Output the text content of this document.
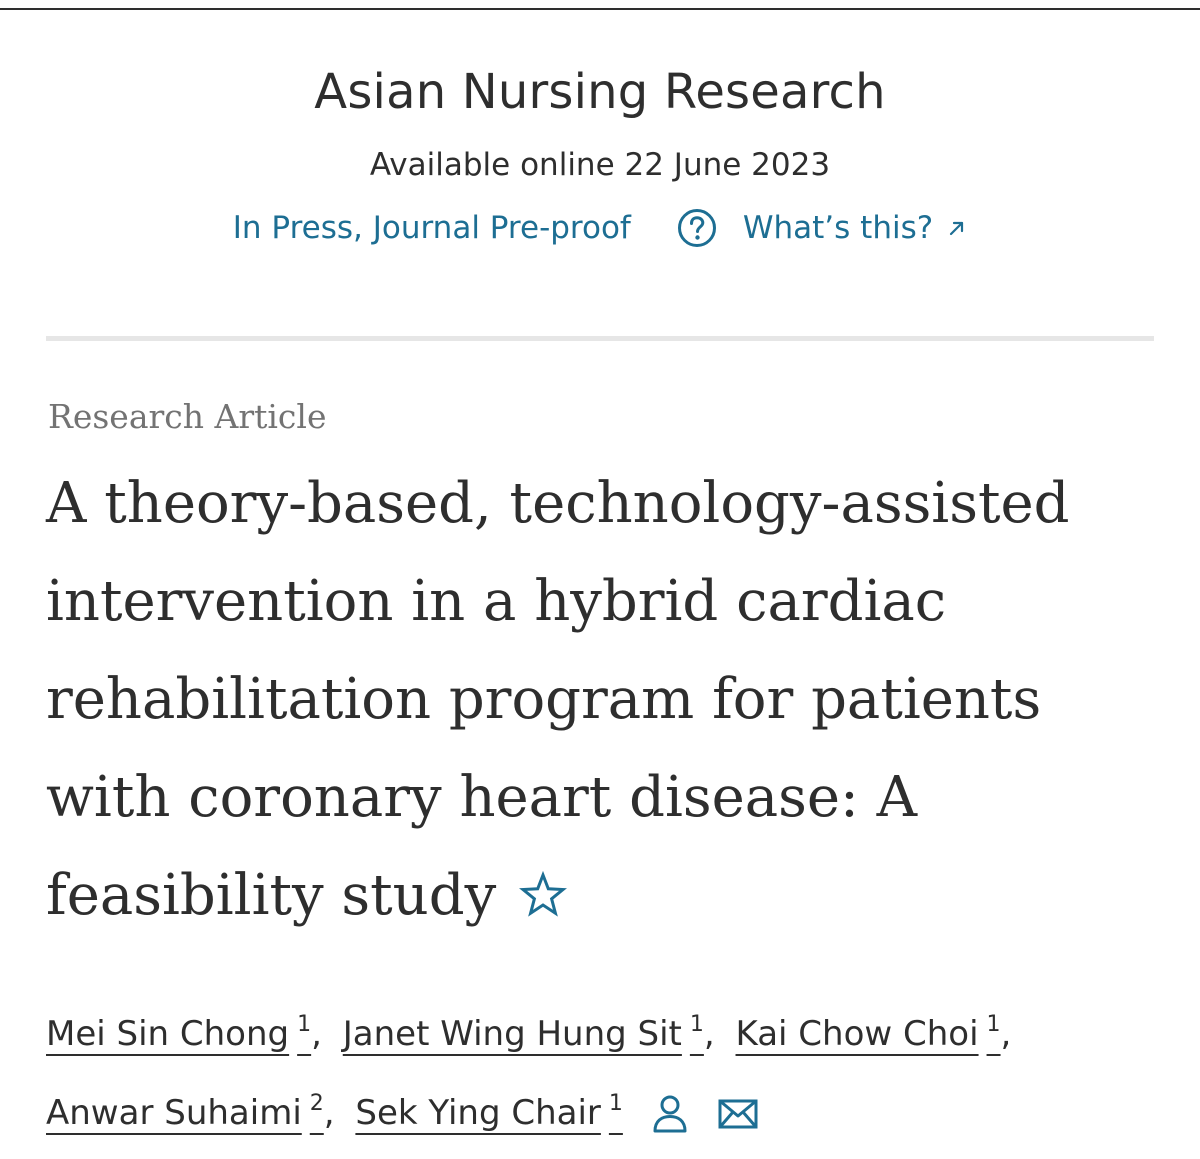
Asian Nursing Research
Available online 22 June 2023
In Press, Journal Pre-proof	What’s this?
Research Article
A theory-based, technology-assisted intervention in a hybrid cardiac rehabilitation program for patients with coronary heart disease: A feasibility study
Mei Sin Chong $^1$, Janet Wing Hung Sit $^1$, Kai Chow Choi $^1$,
Anwar Suhaimi $^2$, Sek Ying Chair $^1$
